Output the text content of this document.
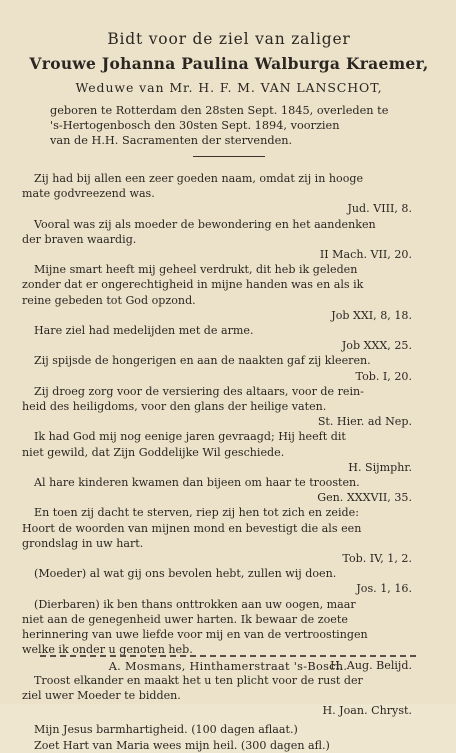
Bidt voor de ziel van zaliger
Vrouwe Johanna Paulina Walburga Kraemer,
Weduwe van Mr. H. F. M. VAN LANSCHOT,
geboren te Rotterdam den 28sten Sept. 1845, overleden te
's-Hertogenbosch den 30sten Sept. 1894, voorzien
van de H.H. Sacramenten der stervenden.
Zij had bij allen een zeer goeden naam, omdat zij in hooge
mate godvreezend was.
Jud. VIII, 8.
Vooral was zij als moeder de bewondering en het aandenken
der braven waardig.
II Mach. VII, 20.
Mijne smart heeft mij geheel verdrukt, dit heb ik geleden
zonder dat er ongerechtigheid in mijne handen was en als ik
reine gebeden tot God opzond.
Job XXI, 8, 18.
Hare ziel had medelijden met de arme.
Job XXX, 25.
Zij spijsde de hongerigen en aan de naakten gaf zij kleeren.
Tob. I, 20.
Zij droeg zorg voor de versiering des altaars, voor de rein-
heid des heiligdoms, voor den glans der heilige vaten.
St. Hier. ad Nep.
Ik had God mij nog eenige jaren gevraagd; Hij heeft dit
niet gewild, dat Zijn Goddelijke Wil geschiede.
H. Sijmphr.
Al hare kinderen kwamen dan bijeen om haar te troosten.
Gen. XXXVII, 35.
En toen zij dacht te sterven, riep zij hen tot zich en zeide:
Hoort de woorden van mijnen mond en bevestigt die als een
grondslag in uw hart.
Tob. IV, 1, 2.
(Moeder) al wat gij ons bevolen hebt, zullen wij doen.
Jos. 1, 16.
(Dierbaren) ik ben thans onttrokken aan uw oogen, maar
niet aan de genegenheid uwer harten. Ik bewaar de zoete
herinnering van uwe liefde voor mij en van de vertroostingen
welke ik onder u genoten heb.
H. Aug. Belijd.
Troost elkander en maakt het u ten plicht voor de rust der
ziel uwer Moeder te bidden.
H. Joan. Chryst.
Mijn Jesus barmhartigheid. (100 dagen aflaat.)
Zoet Hart van Maria wees mijn heil. (300 dagen afl.)
A. Mosmans, Hinthamerstraat 's-Bosch.
